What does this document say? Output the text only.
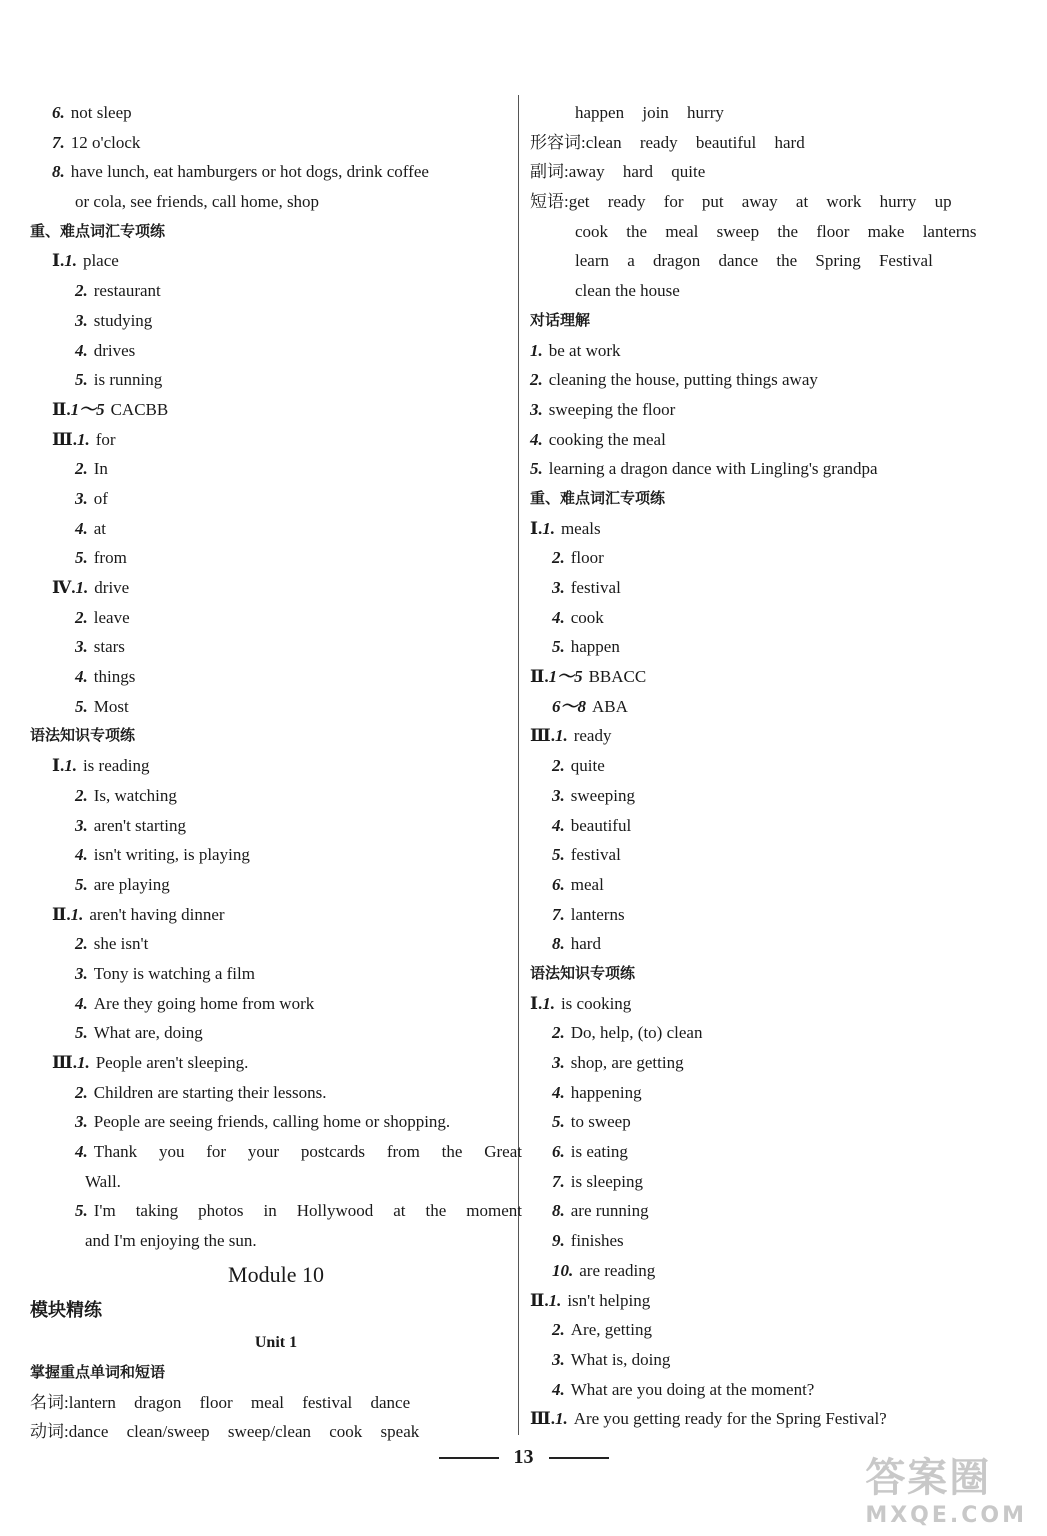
6. not sleep
7. 12 o'clock
8. have lunch, eat hamburgers or hot dogs, drink coffee
or cola, see friends, call home, shop
重、难点词汇专项练
Ⅰ.1. place
2. restaurant
3. studying
4. drives
5. is running
Ⅱ.1～5 CACBB
Ⅲ.1. for
2. In
3. of
4. at
5. from
Ⅳ.1. drive
2. leave
3. stars
4. things
5. Most
语法知识专项练
Ⅰ.1. is reading
2. Is, watching
3. aren't starting
4. isn't writing, is playing
5. are playing
Ⅱ.1. aren't having dinner
2. she isn't
3. Tony is watching a film
4. Are they going home from work
5. What are, doing
Ⅲ.1. People aren't sleeping.
2. Children are starting their lessons.
3. People are seeing friends, calling home or shopping.
4. Thank you for your postcards from the Great
Wall.
5. I'm taking photos in Hollywood at the moment
and I'm enjoying the sun.
Module 10
模块精练
Unit 1
掌握重点单词和短语
名词:lantern dragon floor meal festival dance
动词:dance clean/sweep sweep/clean cook speak
happen join hurry
形容词:clean ready beautiful hard
副词:away hard quite
短语:get ready for put away at work hurry up
cook the meal sweep the floor make lanterns
learn a dragon dance the Spring Festival
clean the house
对话理解
1. be at work
2. cleaning the house, putting things away
3. sweeping the floor
4. cooking the meal
5. learning a dragon dance with Lingling's grandpa
重、难点词汇专项练
Ⅰ.1. meals
2. floor
3. festival
4. cook
5. happen
Ⅱ.1～5 BBACC
6～8 ABA
Ⅲ.1. ready
2. quite
3. sweeping
4. beautiful
5. festival
6. meal
7. lanterns
8. hard
语法知识专项练
Ⅰ.1. is cooking
2. Do, help, (to) clean
3. shop, are getting
4. happening
5. to sweep
6. is eating
7. is sleeping
8. are running
9. finishes
10. are reading
Ⅱ.1. isn't helping
2. Are, getting
3. What is, doing
4. What are you doing at the moment?
Ⅲ.1. Are you getting ready for the Spring Festival?
13	答案圈
MXQE.COM
